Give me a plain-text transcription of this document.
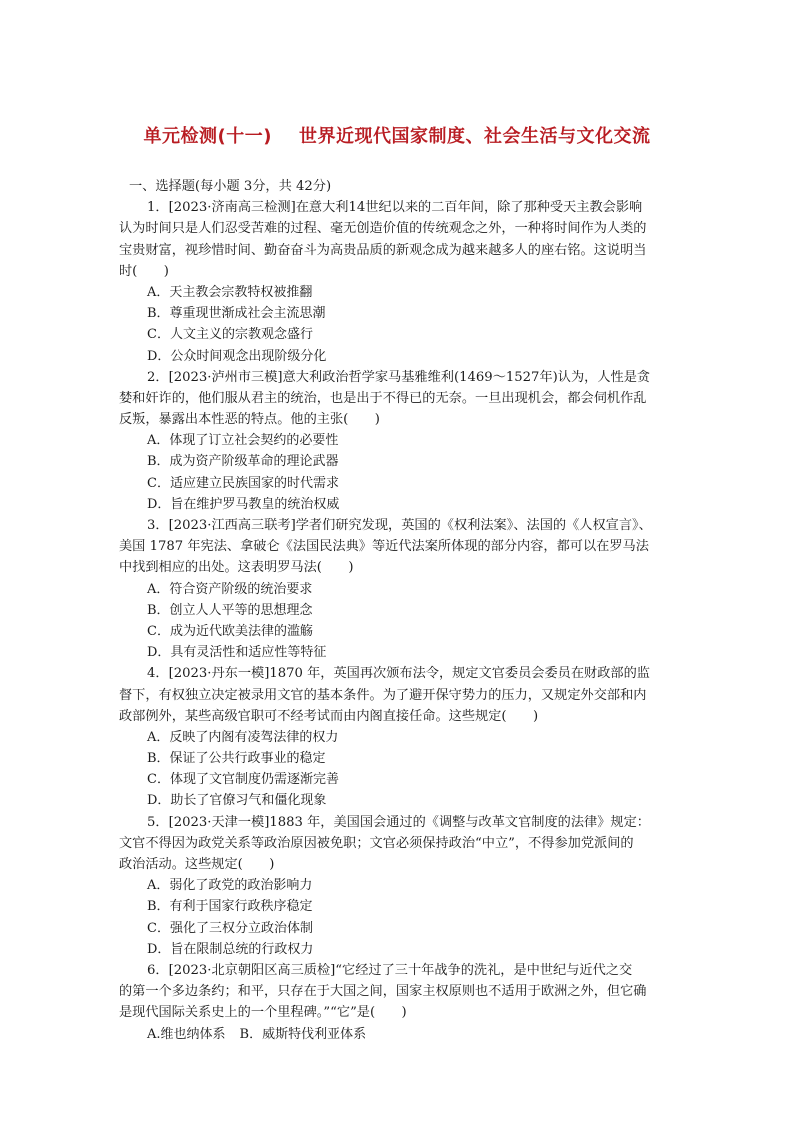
单元检测(十一)    世界近现代国家制度、社会生活与文化交流
一、选择题(每小题 3分，共 42分)
1．[2023·济南高三检测]在意大利14世纪以来的二百年间，除了那种受天主教会影响
认为时间只是人们忍受苦难的过程、毫无创造价值的传统观念之外，一种将时间作为人类的
宝贵财富，视珍惜时间、勤奋奋斗为高贵品质的新观念成为越来越多人的座右铭。这说明当
时(　　)
A．天主教会宗教特权被推翻
B．尊重现世渐成社会主流思潮
C．人文主义的宗教观念盛行
D．公众时间观念出现阶级分化
2．[2023·泸州市三模]意大利政治哲学家马基雅维利(1469～1527年)认为，人性是贪
婪和奸诈的，他们服从君主的统治，也是出于不得已的无奈。一旦出现机会，都会伺机作乱
反叛，暴露出本性恶的特点。他的主张(　　)
A．体现了订立社会契约的必要性
B．成为资产阶级革命的理论武器
C．适应建立民族国家的时代需求
D．旨在维护罗马教皇的统治权威
3．[2023·江西高三联考]学者们研究发现，英国的《权利法案》、法国的《人权宣言》、
美国 1787 年宪法、拿破仑《法国民法典》等近代法案所体现的部分内容，都可以在罗马法
中找到相应的出处。这表明罗马法(　　)
A．符合资产阶级的统治要求
B．创立人人平等的思想理念
C．成为近代欧美法律的滥觞
D．具有灵活性和适应性等特征
4．[2023·丹东一模]1870 年，英国再次颁布法令，规定文官委员会委员在财政部的监
督下，有权独立决定被录用文官的基本条件。为了避开保守势力的压力，又规定外交部和内
政部例外，某些高级官职可不经考试而由内阁直接任命。这些规定(　　)
A．反映了内阁有凌驾法律的权力
B．保证了公共行政事业的稳定
C．体现了文官制度仍需逐渐完善
D．助长了官僚习气和僵化现象
5．[2023·天津一模]1883 年，美国国会通过的《调整与改革文官制度的法律》规定：
文官不得因为政党关系等政治原因被免职；文官必须保持政治“中立”，不得参加党派间的
政治活动。这些规定(　　)
A．弱化了政党的政治影响力
B．有利于国家行政秩序稳定
C．强化了三权分立政治体制
D．旨在限制总统的行政权力
6．[2023·北京朝阳区高三质检]“它经过了三十年战争的洗礼，是中世纪与近代之交
的第一个多边条约；和平，只存在于大国之间，国家主权原则也不适用于欧洲之外，但它确
是现代国际关系史上的一个里程碑。”“它”是(　　)
A.维也纳体系 B．威斯特伐利亚体系
